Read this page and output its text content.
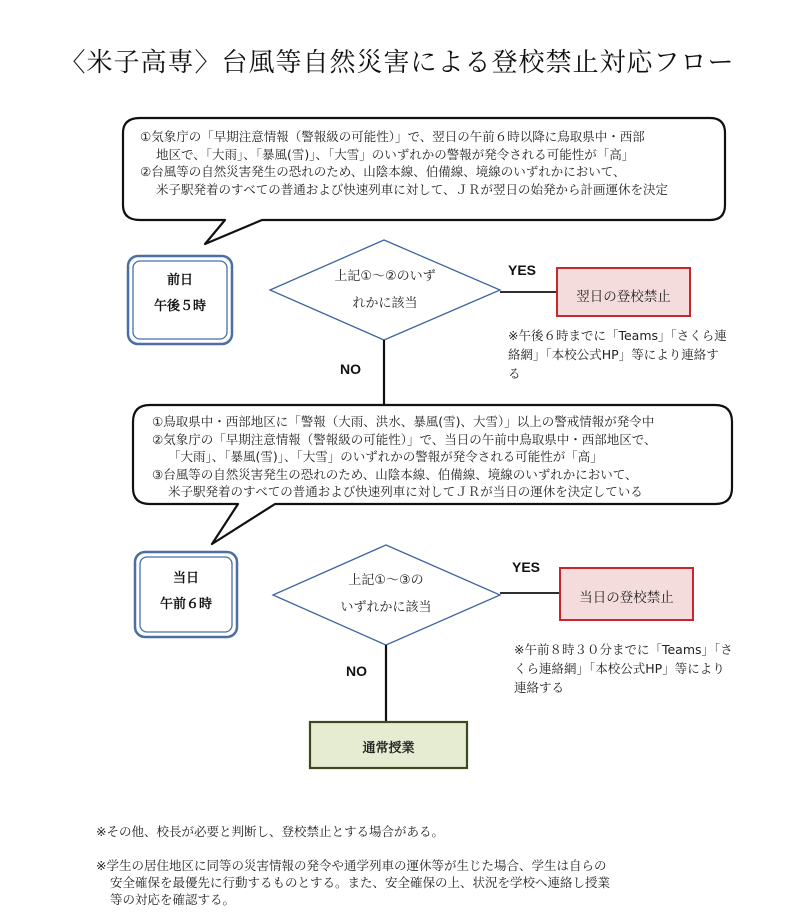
〈米子高専〉台風等自然災害による登校禁止対応フロー
①気象庁の「早期注意情報（警報級の可能性）」で、翌日の午前６時以降に鳥取県中・西部
地区で、「大雨」、「暴風(雪)」、「大雪」のいずれかの警報が発令される可能性が「高」
②台風等の自然災害発生の恐れのため、山陰本線、伯備線、境線のいずれかにおいて、
米子駅発着のすべての普通および快速列車に対して、ＪＲが翌日の始発から計画運休を決定
前日
午後５時
上記①～②のいず
れかに該当
YES
翌日の登校禁止
※午後６時までに「Teams」「さくら連
絡網」「本校公式HP」等により連絡す
る
NO
①鳥取県中・西部地区に「警報（大雨、洪水、暴風(雪)、大雪）」以上の警戒情報が発令中
②気象庁の「早期注意情報（警報級の可能性）」で、当日の午前中鳥取県中・西部地区で、
「大雨」、「暴風(雪)」、「大雪」のいずれかの警報が発令される可能性が「高」
③台風等の自然災害発生の恐れのため、山陰本線、伯備線、境線のいずれかにおいて、
米子駅発着のすべての普通および快速列車に対してＪＲが当日の運休を決定している
当日
午前６時
上記①～③の
いずれかに該当
YES
当日の登校禁止
※午前８時３０分までに「Teams」「さ
くら連絡網」「本校公式HP」等により
連絡する
NO
通常授業
※その他、校長が必要と判断し、登校禁止とする場合がある。
※学生の居住地区に同等の災害情報の発令や通学列車の運休等が生じた場合、学生は自らの
安全確保を最優先に行動するものとする。また、安全確保の上、状況を学校へ連絡し授業
等の対応を確認する。
